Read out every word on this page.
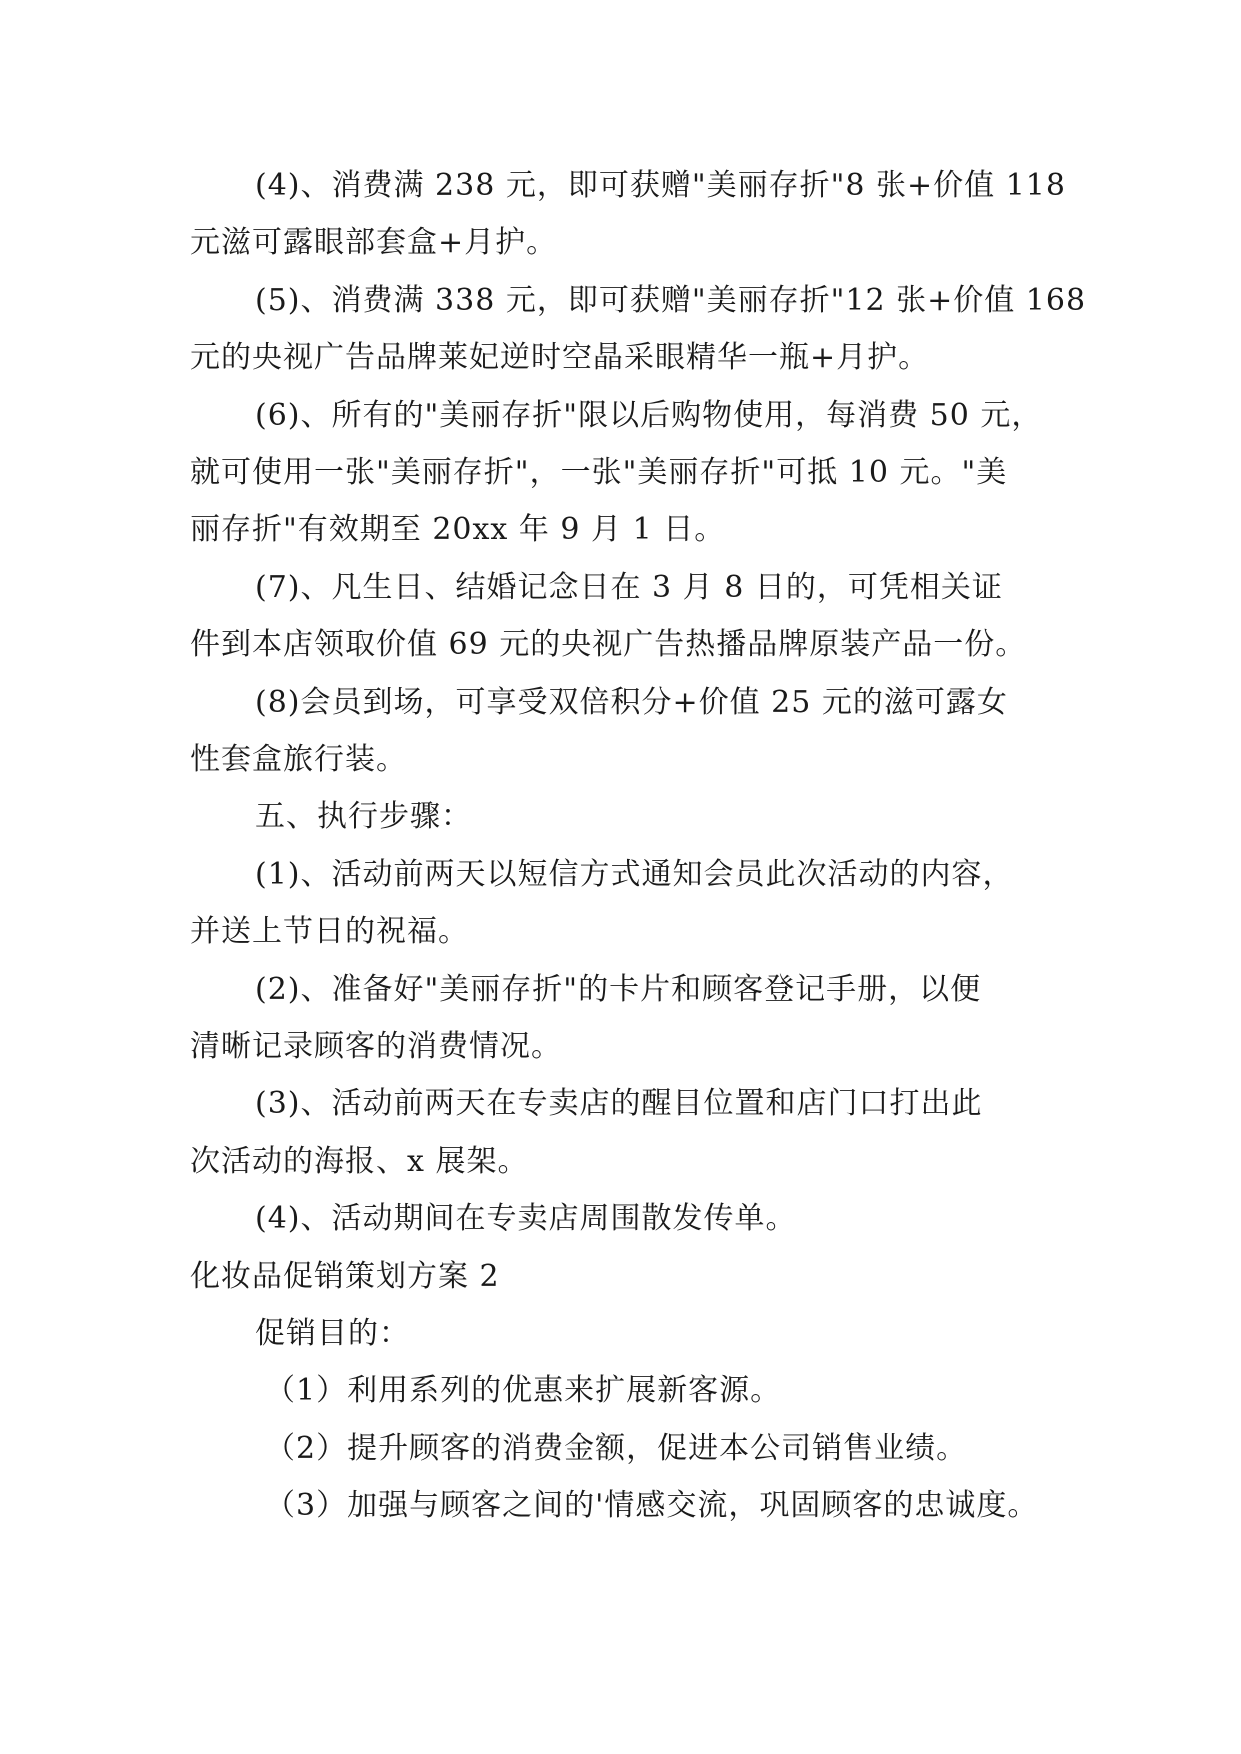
(4)、消费满 238 元，即可获赠"美丽存折"8 张+价值 118
元滋可露眼部套盒+月护。
(5)、消费满 338 元，即可获赠"美丽存折"12 张+价值 168
元的央视广告品牌莱妃逆时空晶采眼精华一瓶+月护。
(6)、所有的"美丽存折"限以后购物使用，每消费 50 元，
就可使用一张"美丽存折"，一张"美丽存折"可抵 10 元。"美
丽存折"有效期至 20xx 年 9 月 1 日。
(7)、凡生日、结婚记念日在 3 月 8 日的，可凭相关证
件到本店领取价值 69 元的央视广告热播品牌原装产品一份。
(8)会员到场，可享受双倍积分+价值 25 元的滋可露女
性套盒旅行装。
五、执行步骤：
(1)、活动前两天以短信方式通知会员此次活动的内容，
并送上节日的祝福。
(2)、准备好"美丽存折"的卡片和顾客登记手册，以便
清晰记录顾客的消费情况。
(3)、活动前两天在专卖店的醒目位置和店门口打出此
次活动的海报、x 展架。
(4)、活动期间在专卖店周围散发传单。
化妆品促销策划方案 2
促销目的：
（1）利用系列的优惠来扩展新客源。
（2）提升顾客的消费金额，促进本公司销售业绩。
（3）加强与顾客之间的'情感交流，巩固顾客的忠诚度。
